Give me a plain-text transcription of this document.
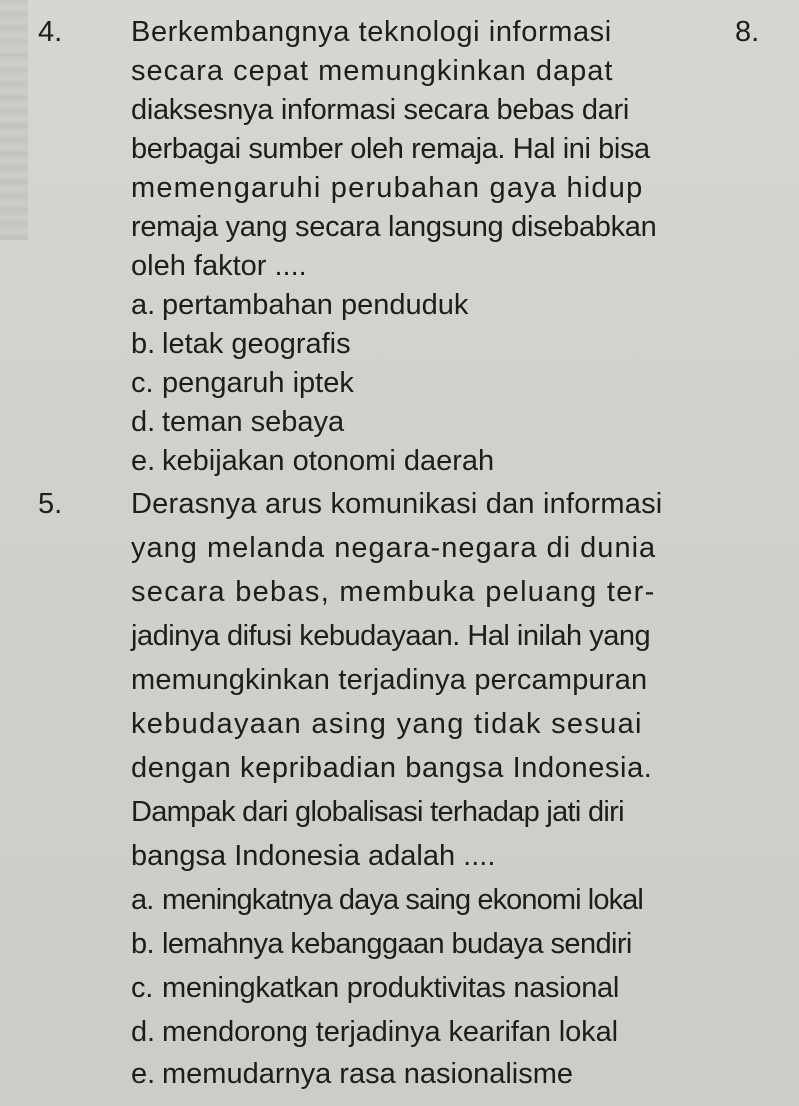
4. Berkembangnya teknologi informasi
secara cepat memungkinkan dapat
diaksesnya informasi secara bebas dari
berbagai sumber oleh remaja. Hal ini bisa
memengaruhi perubahan gaya hidup
remaja yang secara langsung disebabkan
oleh faktor ....
a. pertambahan penduduk
b. letak geografis
c. pengaruh iptek
d. teman sebaya
e. kebijakan otonomi daerah
8.
5. Derasnya arus komunikasi dan informasi
yang melanda negara-negara di dunia
secara bebas, membuka peluang ter-
jadinya difusi kebudayaan. Hal inilah yang
memungkinkan terjadinya percampuran
kebudayaan asing yang tidak sesuai
dengan kepribadian bangsa Indonesia.
Dampak dari globalisasi terhadap jati diri
bangsa Indonesia adalah ....
a. meningkatnya daya saing ekonomi lokal
b. lemahnya kebanggaan budaya sendiri
c. meningkatkan produktivitas nasional
d. mendorong terjadinya kearifan lokal
e. memudarnya rasa nasionalisme
